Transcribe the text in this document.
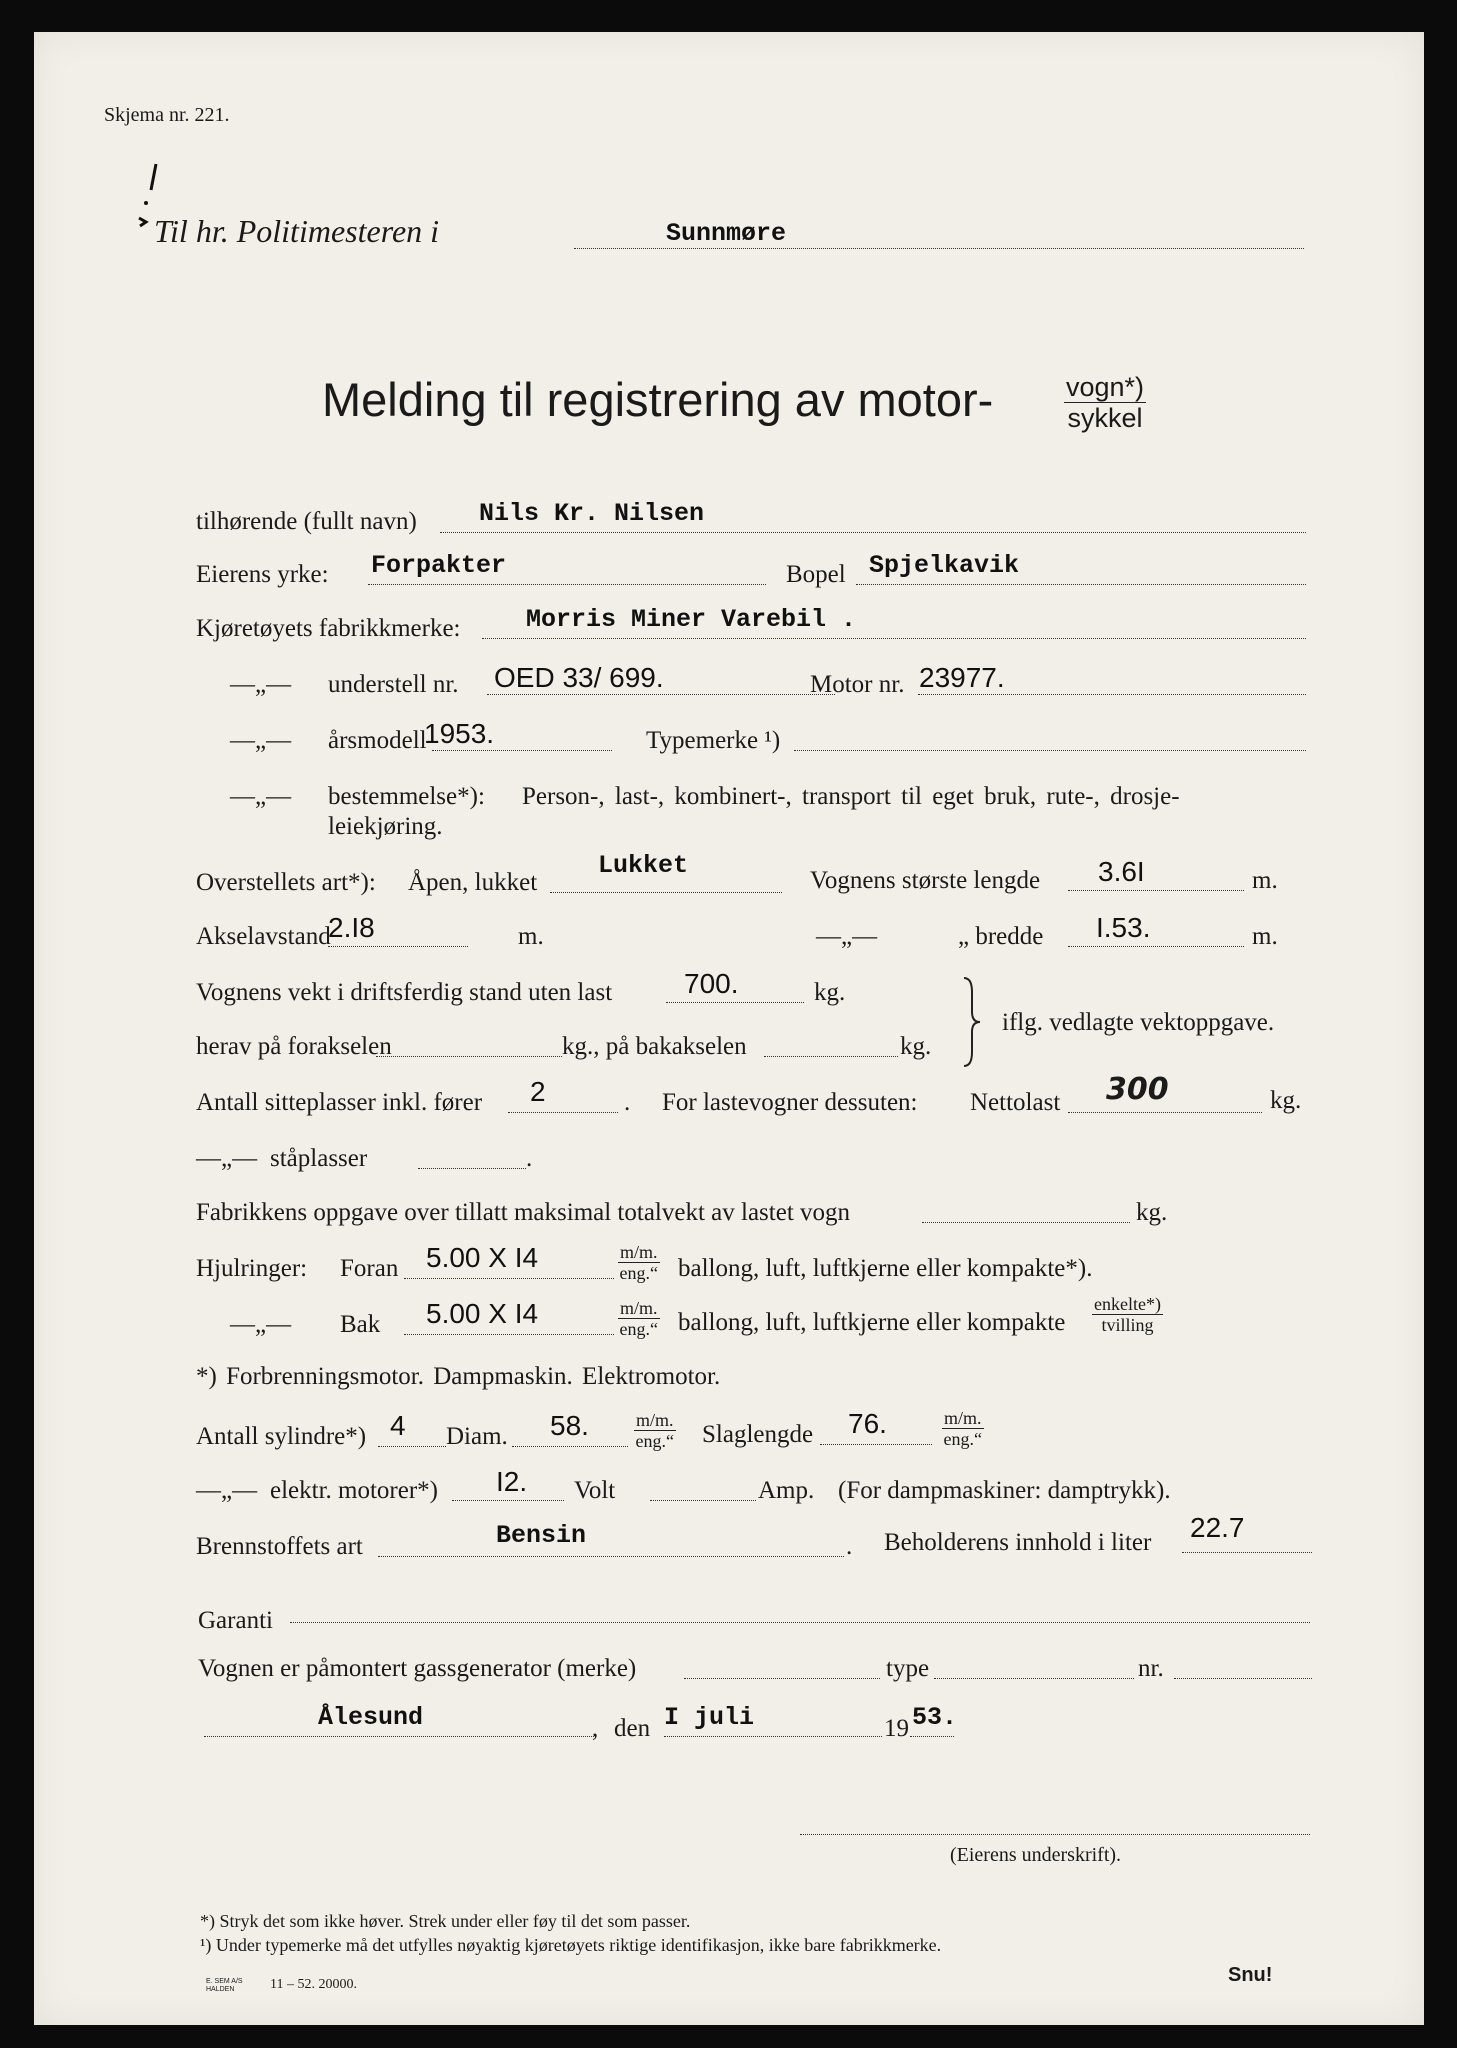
Skjema nr. 221.
Til hr. Politimesteren i	Sunnmøre
Melding til registrering av motor-	vogn*)
sykkel
tilhørende (fullt navn) Nils Kr. Nilsen
Eierens yrke: Forpakter	Bopel Spjelkavik
Kjøretøyets fabrikkmerke:	Morris Miner Varebil .
—„— understell nr. OED 33/ 699.	Motor nr. 23977.
—„— årsmodell
1953.	Typemerke ¹)
—„— bestemmelse*): Person-, last-, kombinert-, transport til eget bruk, rute-, drosje-
leiekjøring.
Overstellets art*): Åpen, lukket
Lukket
Vognens største lengde 3.6I	m.
Akselavstand
2.I8	m.	—„—	„ bredde I.53.	m.
Vognens vekt i driftsferdig stand uten last	700.	kg.
herav på forakselen	kg., på bakakselen	kg.
iflg. vedlagte vektoppgave.
Antall sitteplasser inkl. fører 2	. For lastevogner dessuten: Nettolast 300	kg.
—„— ståplasser	.
Fabrikkens oppgave over tillatt maksimal totalvekt av lastet vogn	kg.
Hjulringer: Foran 5.00 X I4	m/m.
eng.“ ballong, luft, luftkjerne eller kompakte*).
—„— Bak 5.00 X I4	m/m.
eng.“ ballong, luft, luftkjerne eller kompakte
enkelte*)
tvilling
*) Forbrenningsmotor. Dampmaskin. Elektromotor.
Antall sylindre*) 4 Diam. 58.	m/m.
eng.“ Slaglengde 76.	m/m.
eng.“
—„— elektr. motorer*) I2. Volt	Amp. (For dampmaskiner: damptrykk).
Brennstoffets art	Bensin	. Beholderens innhold i liter 22.7
Garanti
Vognen er påmontert gassgenerator (merke)	type	nr.
Ålesund	, den I juli	19 53.
(Eierens underskrift).
*) Stryk det som ikke høver. Strek under eller føy til det som passer.
¹) Under typemerke må det utfylles nøyaktig kjøretøyets riktige identifikasjon, ikke bare fabrikkmerke.
E. SEM A/S
HALDEN	11 – 52. 20000.	Snu!
